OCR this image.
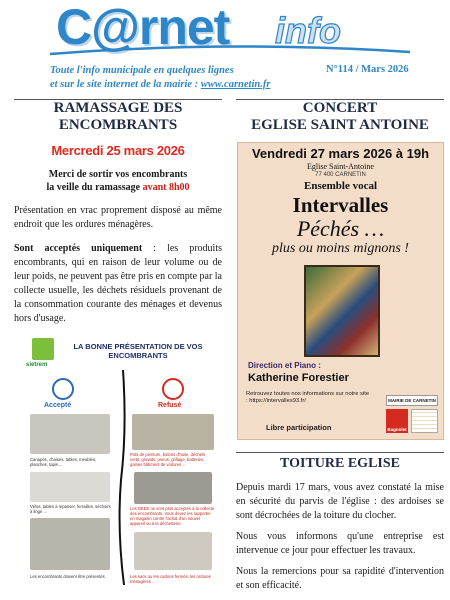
C@rnet info
Toute l'info municipale en quelques lignes
et sur le site internet de la mairie : www.carnetin.fr
N°114 / Mars 2026
RAMASSAGE DES
ENCOMBRANTS
Mercredi 25 mars 2026
Merci de sortir vos encombrants
la veille du ramassage avant 8h00

Présentation en vrac proprement disposé au même endroit que les ordures ménagères.

Sont acceptés uniquement : les produits encombrants, qui en raison de leur volume ou de leur poids, ne peuvent pas être pris en compte par la collecte usuelle, les déchets résiduels provenant de la consommation courante des ménages et devenus hors d'usage.

sietrem
LA BONNE PRÉSENTATION DE VOS ENCOMBRANTS
Accepté	Refusé
Canapés, chaises, tables, meubles, planches, tapis ...
Vélos, tables à repasser, ferrailles, séchoirs à linge ...
Les encombrants doivent être présentés
Pots de peinture, bidons d'huile, déchets verts, gravats, pneus, grillage, batteries, gaines bâtiment de voitures ...
Les DEEE ne sont plus acceptés à la collecte des encombrants. Vous devez les rapporter en magasin contre l'achat d'un nouvel appareil ou à la déchetterie.
Les sacs ou les cartons fermés, les ordures ménagères ...
CONCERT
EGLISE SAINT ANTOINE
Vendredi 27 mars 2026 à 19h
Eglise Saint-Antoine
77 400 CARNETIN
Ensemble vocal
Intervalles
Péchés …
plus ou moins mignons !
Direction et Piano :
Katherine Forestier
Retrouvez toutes nos informations sur notre site : https://intervalles93.fr/
Libre participation
MAIRIE DE CARNETIN
Bagnolet
TOITURE EGLISE

Depuis mardi 17 mars, vous avez constaté la mise en sécurité du parvis de l'église : des ardoises se sont décrochées de la toiture du clocher.

Nous vous informons qu'une entreprise est intervenue ce jour pour effectuer les travaux.

Nous la remercions pour sa rapidité d'intervention et son efficacité.
